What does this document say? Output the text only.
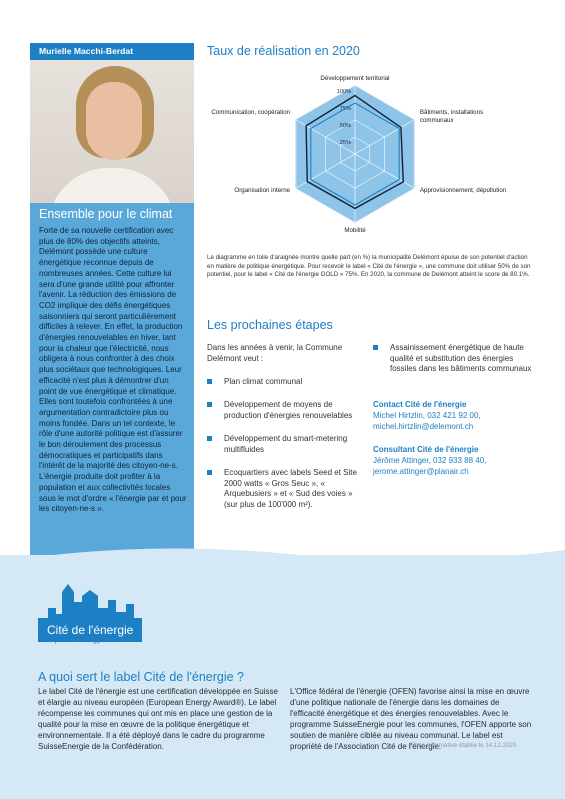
Murielle Macchi-Berdat
Ensemble pour le climat
Forte de sa nouvelle certification avec plus de 80% des objectifs atteints, Delémont possède une culture énergétique reconnue depuis de nombreuses années. Cette culture lui sera d'une grande utilité pour affronter l'avenir. La réduction des émissions de CO2 implique des défis énergétiques saisonniers qui seront particulièrement difficiles à relever. En effet, la production d'énergies renouvelables en hiver, tant pour la chaleur que l'électricité, nous obligera à nous confronter à des choix plus sociétaux que technologiques. Leur efficacité n'est plus à démontrer d'un point de vue énergétique et climatique. Elles sont toutefois confrontées à une argumentation contradictoire plus ou moins fondée. Dans un tel contexte, le rôle d'une autorité politique est d'assurer le bon déroulement des processus démocratiques et participatifs dans l'intérêt de la majorité des citoyen-ne-s. L'énergie produite doit profiter à la population et aux collectivités locales sous le mot d'ordre « l'énergie par et pour les citoyen-ne-s ».
Taux de réalisation en 2020
25%
50%
75%
100%
Développement territorial
Bâtiments, installations communaux
Approvisionnement, dépollution
Mobilité
Organisation interne
Communication, coopération
Le diagramme en toile d'araignée montre quelle part (en %) la municipalité Delémont épuise de son potentiel d'action en matière de politique énergétique. Pour recevoir le label « Cité de l'énergie », une commune doit utiliser 50% de son potentiel, pour le label « Cité de l'énergie GOLD » 75%. En 2020, la commune de Delémont atteint le score de 80.1%.
Les prochaines étapes
Dans les années à venir, la Commune Delémont veut :
Plan climat communal
Développement de moyens de production d'énergies renouvelables
Développement du smart-metering multifluides
Ecoquartiers avec labels Seed et Site 2000 watts « Gros Seuc », « Arquebusiers » et « Sud des voies » (sur plus de 100'000 m²).
Assainissement énergétique de haute qualité et substitution des énergies fossiles dans les bâtiments communaux
Contact Cité de l'énergie
Michel Hirtzlin, 032 421 92 00,
michel.hirtzlin@delemont.ch
Consultant Cité de l'énergie
Jérôme Attinger, 032 933 88 40,
jerome.attinger@planair.ch
Cité de l'énergie
european energy award
A quoi sert le label Cité de l'énergie ?
Le label Cité de l'énergie est une certification développée en Suisse et élargie au niveau européen (European Energy Award®). Le label récompense les communes qui ont mis en place une gestion de la qualité pour la mise en œuvre de la politique énergétique et environnementale. Il a été déployé dans le cadre du programme SuisseEnergie de la Confédération.
L'Office fédéral de l'énergie (OFEN) favorise ainsi la mise en œuvre d'une politique nationale de l'énergie dans les domaines de l'efficacité énergétique et des énergies renouvelables. Avec le programme SuisseEnergie pour les communes, l'OFEN apporte son soutien de manière ciblée au niveau communal. Le label est propriété de l'Association Cité de l'énergie.
Fiche informative établie le 14.12.2020
